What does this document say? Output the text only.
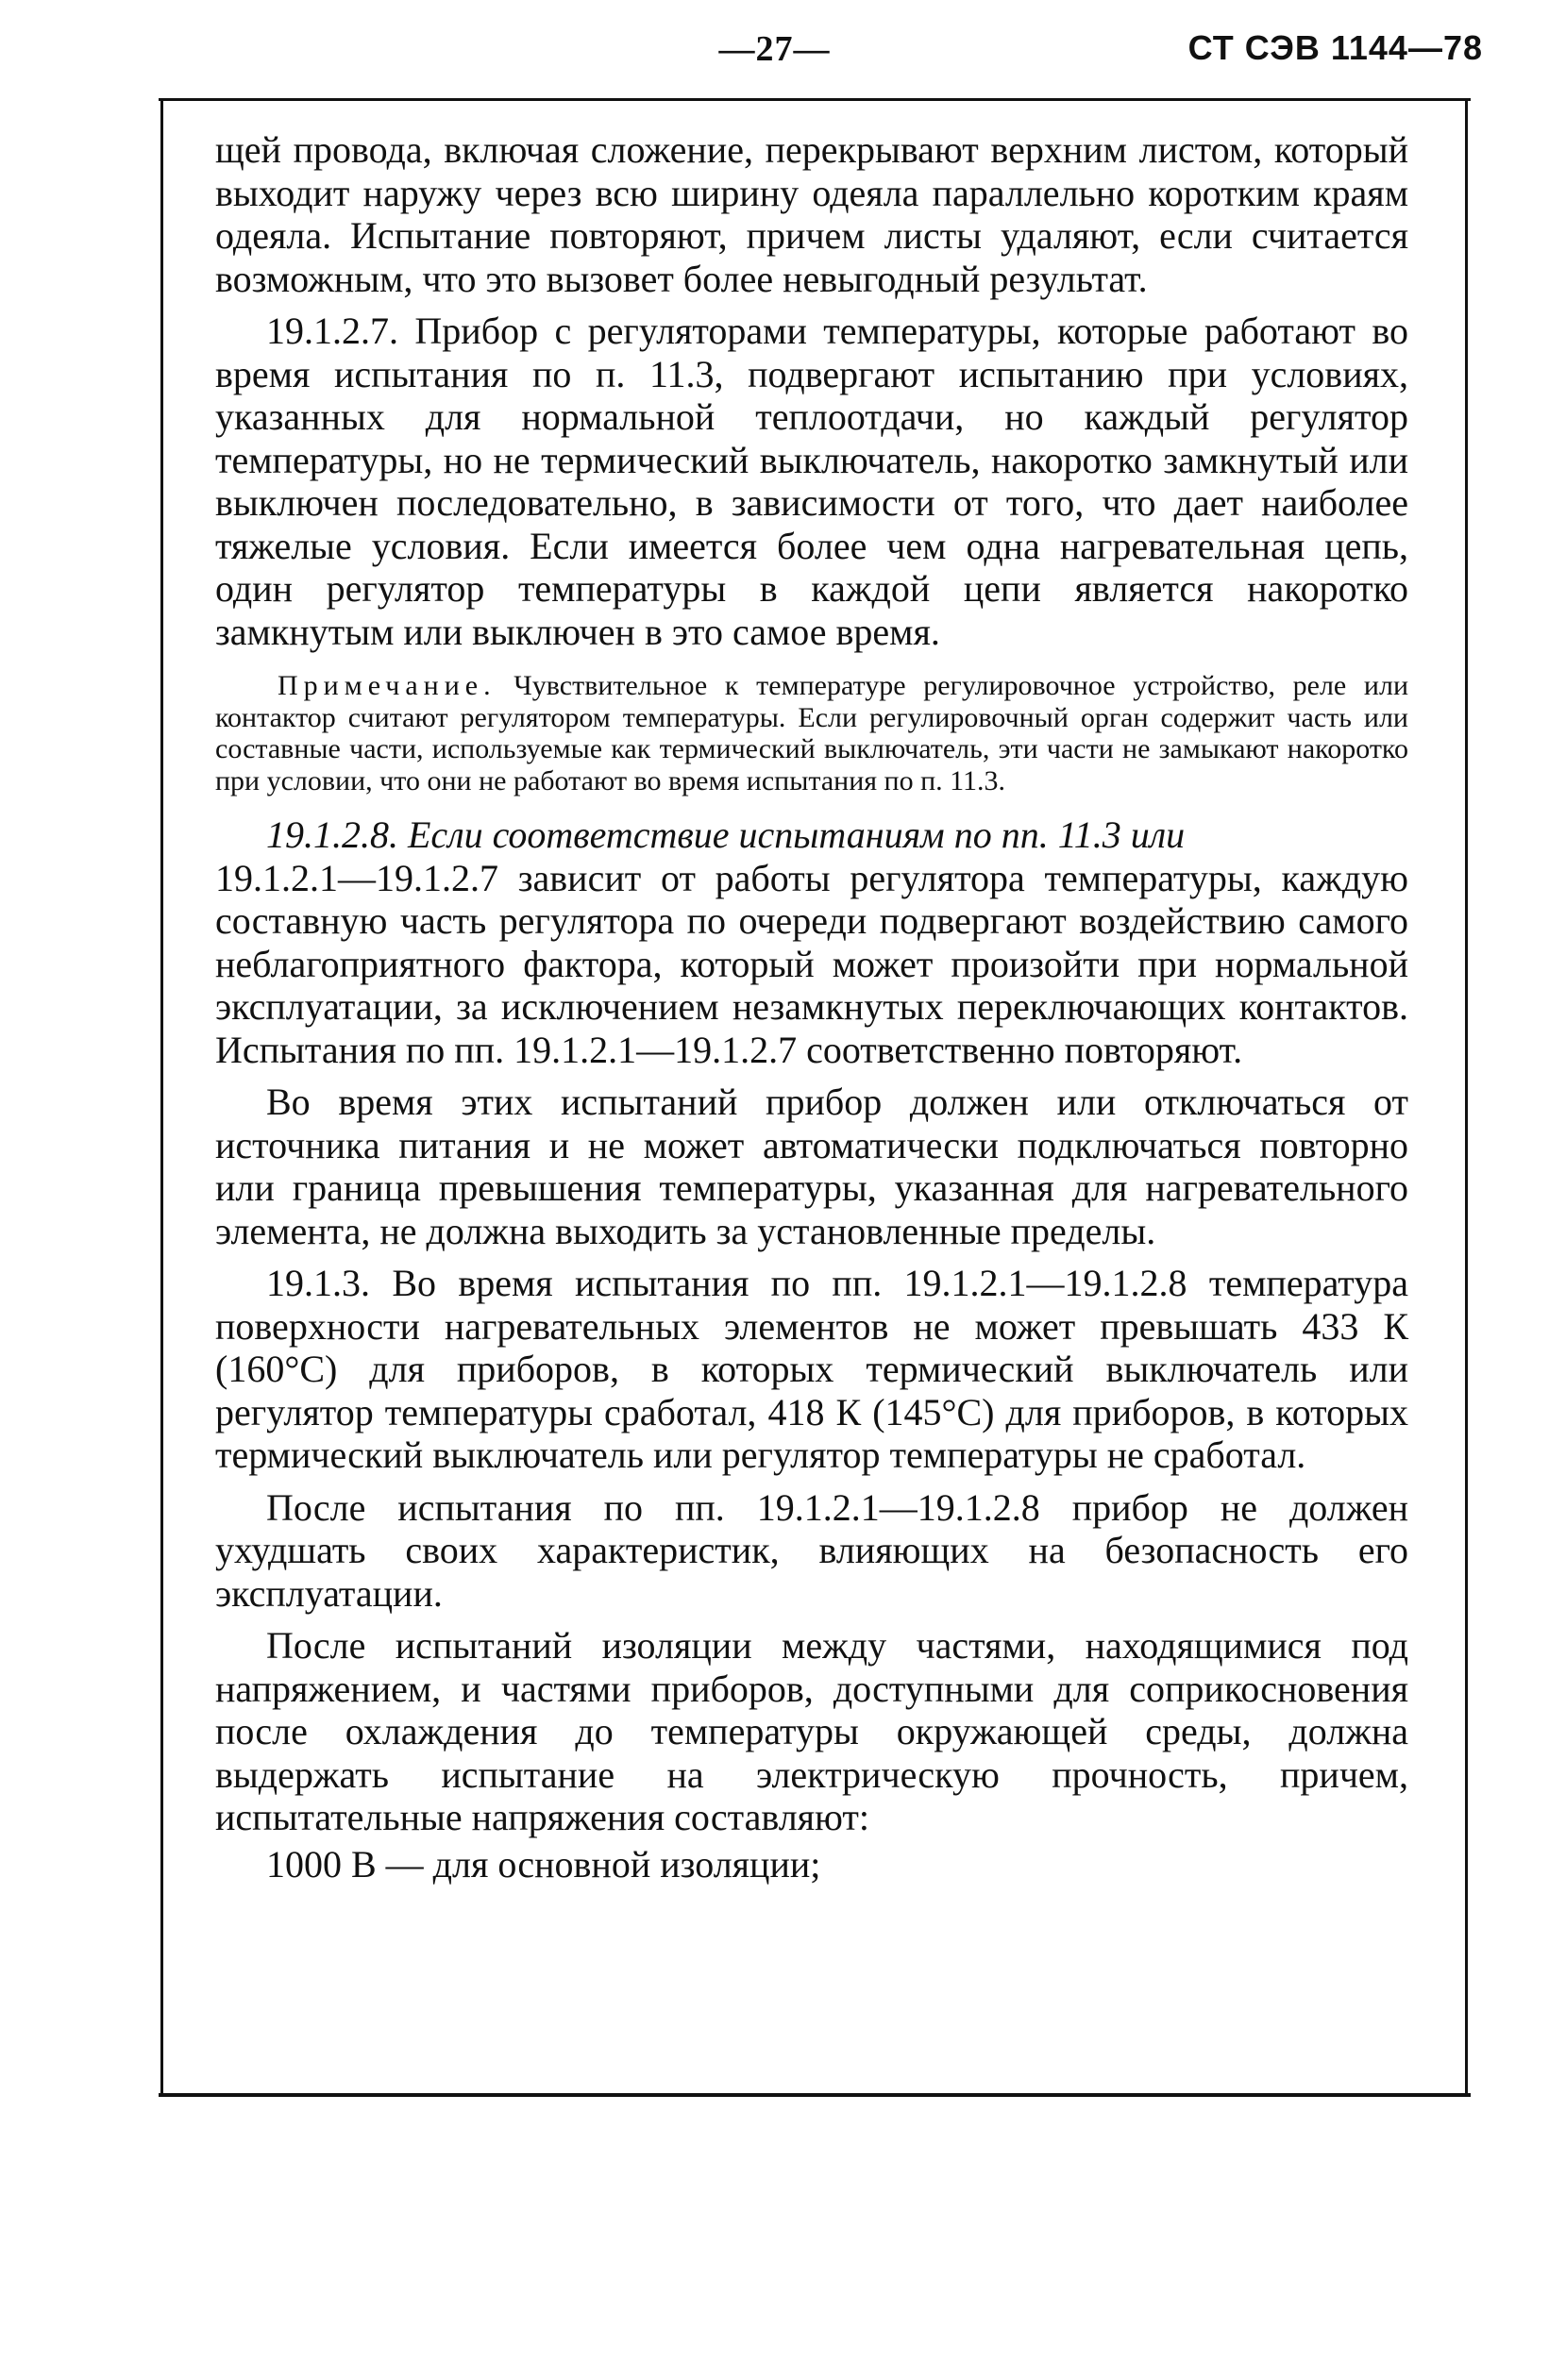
—27—	СТ СЭВ 1144—78

щей провода, включая сложение, перекрывают верхним листом, который выходит наружу через всю ширину одеяла параллельно коротким краям одеяла. Испытание повторяют, причем листы удаляют, если считается возможным, что это вызовет более невыгодный результат.

19.1.2.7. Прибор с регуляторами температуры, которые работают во время испытания по п. 11.3, подвергают испытанию при условиях, указанных для нормальной теплоотдачи, но каждый регулятор температуры, но не термический выключатель, накоротко замкнутый или выключен последовательно, в зависимости от того, что дает наиболее тяжелые условия. Если имеется более чем одна нагревательная цепь, один регулятор температуры в каждой цепи является накоротко замкнутым или выключен в это самое время.

Примечание. Чувствительное к температуре регулировочное устройство, реле или контактор считают регулятором температуры. Если регулировочный орган содержит часть или составные части, используемые как термический выключатель, эти части не замыкают накоротко при условии, что они не работают во время испытания по п. 11.3.

19.1.2.8. Если соответствие испытаниям по пп. 11.3 или
19.1.2.1—19.1.2.7 зависит от работы регулятора температуры, каждую составную часть регулятора по очереди подвергают воздействию самого неблагоприятного фактора, который может произойти при нормальной эксплуатации, за исключением незамкнутых переключающих контактов. Испытания по пп. 19.1.2.1—19.1.2.7 соответственно повторяют.

Во время этих испытаний прибор должен или отключаться от источника питания и не может автоматически подключаться повторно или граница превышения температуры, указанная для нагревательного элемента, не должна выходить за установленные пределы.

19.1.3. Во время испытания по пп. 19.1.2.1—19.1.2.8 температура поверхности нагревательных элементов не может превышать 433 К (160°С) для приборов, в которых термический выключатель или регулятор температуры сработал, 418 К (145°С) для приборов, в которых термический выключатель или регулятор температуры не сработал.

После испытания по пп. 19.1.2.1—19.1.2.8 прибор не должен ухудшать своих характеристик, влияющих на безопасность его эксплуатации.

После испытаний изоляции между частями, находящимися под напряжением, и частями приборов, доступными для соприкосновения после охлаждения до температуры окружающей среды, должна выдержать испытание на электрическую прочность, причем, испытательные напряжения составляют:

1000 В — для основной изоляции;
